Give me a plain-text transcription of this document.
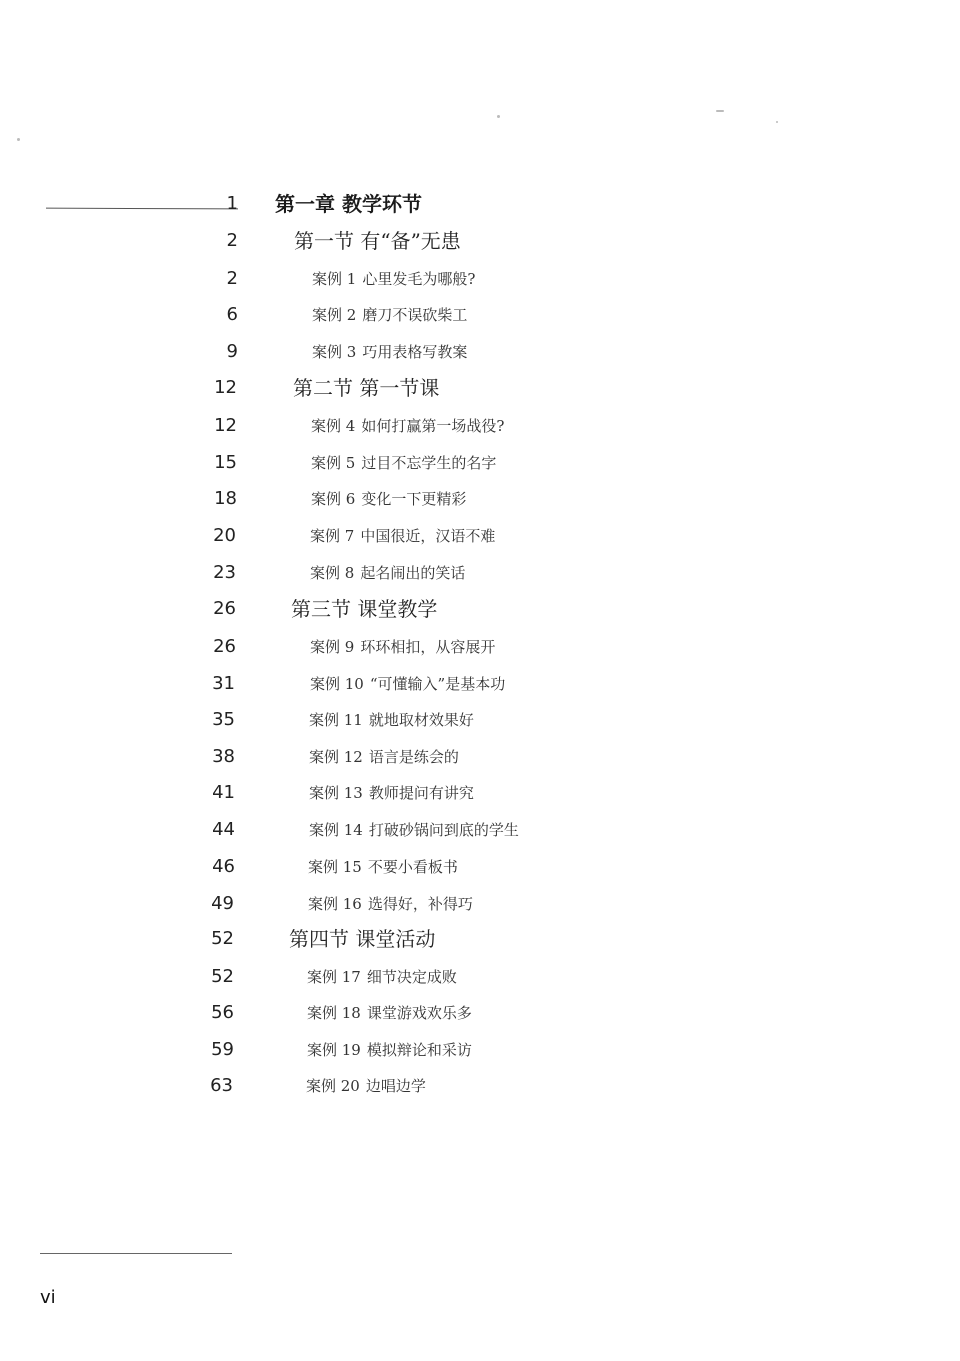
1 第一章 教学环节
2	第一节 有“备”无患
2	案例 1 心里发毛为哪般?
6	案例 2 磨刀不误砍柴工
9	案例 3 巧用表格写教案
12	第二节 第一节课
12	案例 4 如何打赢第一场战役?
15	案例 5 过目不忘学生的名字
18	案例 6 变化一下更精彩
20	案例 7 中国很近，汉语不难
23	案例 8 起名闹出的笑话
26	第三节 课堂教学
26	案例 9 环环相扣，从容展开
31	案例 10 “可懂输入”是基本功
35	案例 11 就地取材效果好
38	案例 12 语言是练会的
41	案例 13 教师提问有讲究
44	案例 14 打破砂锅问到底的学生
46	案例 15 不要小看板书
49	案例 16 选得好，补得巧
52	第四节 课堂活动
52	案例 17 细节决定成败
56	案例 18 课堂游戏欢乐多
59	案例 19 模拟辩论和采访
63	案例 20 边唱边学
vi
